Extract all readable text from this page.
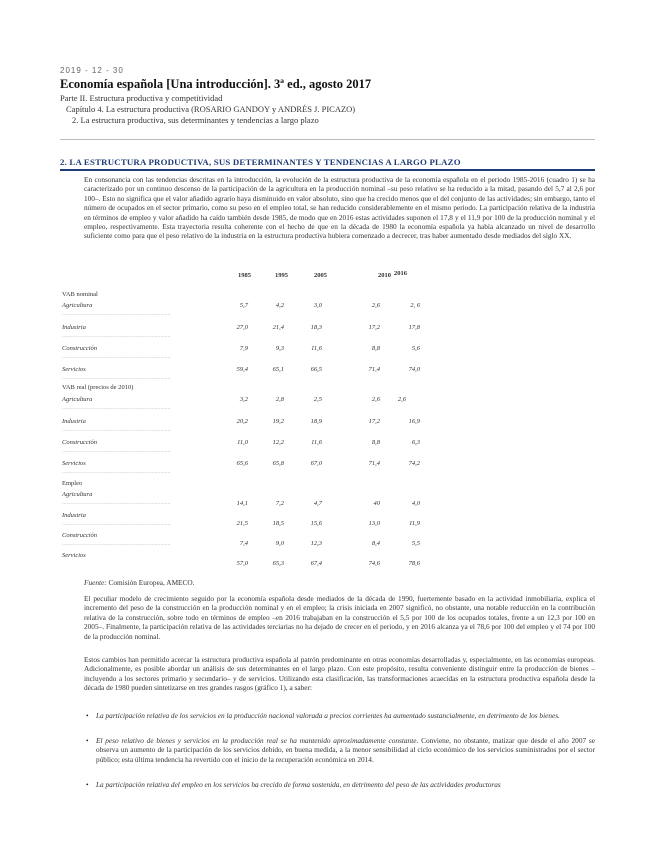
2019 - 12 - 30
Economía española [Una introducción]. 3ª ed., agosto 2017
Parte II. Estructura productiva y competitividad
Capítulo 4. La estructura productiva (ROSARIO GANDOY y ANDRÉS J. PICAZO)
2. La estructura productiva, sus determinantes y tendencias a largo plazo
2. LA ESTRUCTURA PRODUCTIVA, SUS DETERMINANTES Y TENDENCIAS A LARGO PLAZO
En consonancia con las tendencias descritas en la introducción, la evolución de la estructura productiva de la economía española en el periodo 1985-2016 (cuadro 1) se ha caracterizado por un continuo descenso de la participación de la agricultura en la producción nominal –su peso relativo se ha reducido a la mitad, pasando del 5,7 al 2,6 por 100–. Esto no significa que el valor añadido agrario haya disminuido en valor absoluto, sino que ha crecido menos que el del conjunto de las actividades; sin embargo, tanto el número de ocupados en el sector primario, como su peso en el empleo total, se han reducido considerablemente en el mismo periodo. La participación relativa de la industria en términos de empleo y valor añadido ha caído también desde 1985, de modo que en 2016 estas actividades suponen el 17,8 y el 11,9 por 100 de la producción nominal y el empleo, respectivamente. Esta trayectoria resulta coherente con el hecho de que en la década de 1980 la economía española ya había alcanzado un nivel de desarrollo suficiente como para que el peso relativo de la industria en la estructura productiva hubiera comenzado a decrecer, tras haber aumentado desde mediados del siglo XX.
1985	1995	2005	2010 2016
VAB nominal
Agricultura
...........................................................................
5,7	4,2	3,0	2,6	2, 6
Industria
...........................................................................
27,0	21,4	18,3	17,2	17,8
Construcción
...........................................................................
7,9	9,3	11,6	8,8	5,6
Servicios
...........................................................................
59,4	65,1	66,5	71,4	74,0
VAB real (precios de 2010)
Agricultura
...........................................................................
3,2	2,8	2,5	2,6	2,6
Industria
...........................................................................
20,2	19,2	18,9	17,2	16,9
Construcción
...........................................................................
11,0	12,2	11,6	8,8	6,3
Servicios
...........................................................................
65,6	65,8	67,0	71,4	74,2
Empleo
Agricultura
...........................................................................	14,1	7,2	4,7	40	4,0
Industria
...........................................................................	21,5	18,5	15,6	13,0	11,9
Construcción
...........................................................................	7,4	9,0	12,3	8,4	5,5
Servicios
57,0	65,3	67,4	74,6	78,6
Fuente: Comisión Europea, AMECO.
El peculiar modelo de crecimiento seguido por la economía española desde mediados de la década de 1990, fuertemente basado en la actividad inmobiliaria, explica el incremento del peso de la construcción en la producción nominal y en el empleo; la crisis iniciada en 2007 significó, no obstante, una notable reducción en la contribución relativa de la construcción, sobre todo en términos de empleo –en 2016 trabajaban en la construcción el 5,5 por 100 de los ocupados totales, frente a un 12,3 por 100 en 2005–. Finalmente, la participación relativa de las actividades terciarias no ha dejado de crecer en el periodo, y en 2016 alcanza ya el 78,6 por 100 del empleo y el 74 por 100 de la producción nominal.
Estos cambios han permitido acercar la estructura productiva española al patrón predominante en otras economías desarrolladas y, especialmente, en las economías europeas. Adicionalmente, es posible abordar un análisis de sus determinantes en el largo plazo. Con este propósito, resulta conveniente distinguir entre la producción de bienes –incluyendo a los sectores primario y secundario– y de servicios. Utilizando esta clasificación, las transformaciones acaecidas en la estructura productiva española desde la década de 1980 pueden sintetizarse en tres grandes rasgos (gráfico 1), a saber:
• La participación relativa de los servicios en la producción nacional valorada a precios corrientes ha aumentado sustancialmente, en detrimento de los bienes.
• El peso relativo de bienes y servicios en la producción real se ha mantenido aproximadamente constante. Conviene, no obstante, matizar que desde el año 2007 se observa un aumento de la participación de los servicios debido, en buena medida, a la menor sensibilidad al ciclo económico de los servicios suministrados por el sector público; esta última tendencia ha revertido con el inicio de la recuperación económica en 2014.
• La participación relativa del empleo en los servicios ha crecido de forma sostenida, en detrimento del peso de las actividades productoras
